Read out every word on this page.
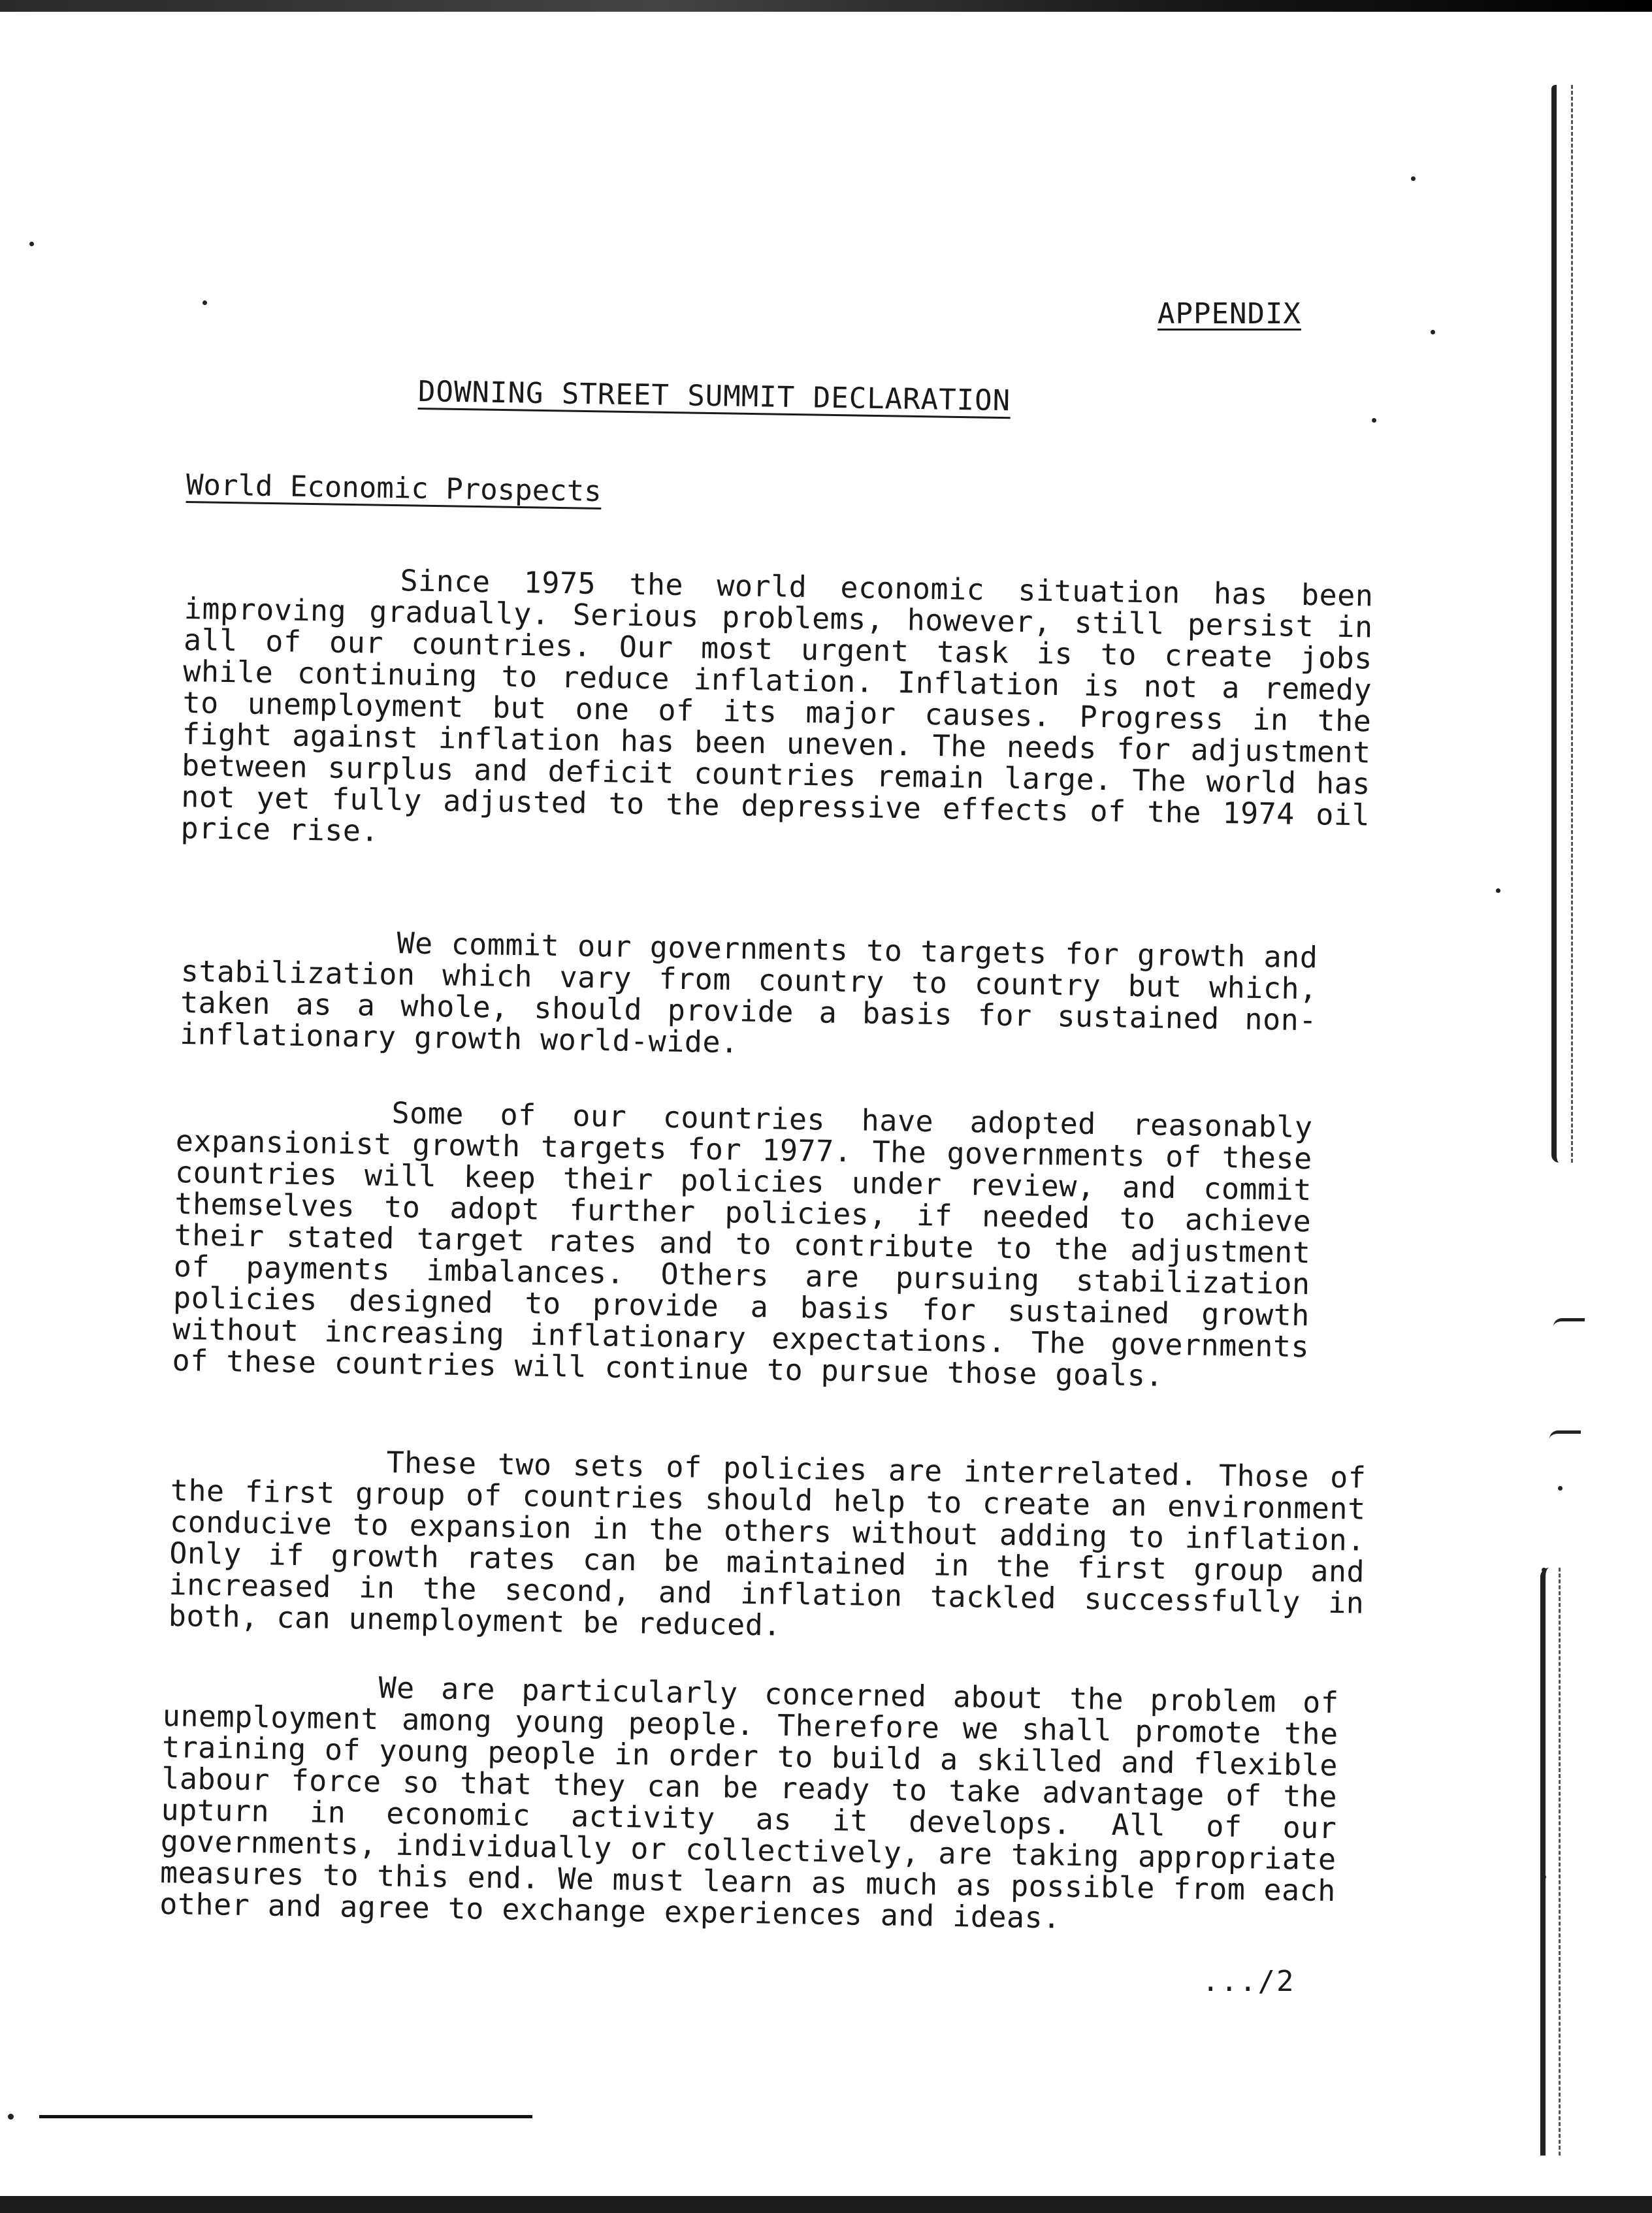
APPENDIX
DOWNING STREET SUMMIT DECLARATION
World Economic Prospects

Since 1975 the world economic situation has been improving gradually. Serious problems, however, still persist in all of our countries. Our most urgent task is to create jobs while continuing to reduce inflation. Inflation is not a remedy to unemployment but one of its major causes. Progress in the fight against inflation has been uneven. The needs for adjustment between surplus and deficit countries remain large. The world has not yet fully adjusted to the depressive effects of the 1974 oil price rise.

We commit our governments to targets for growth and stabilization which vary from country to country but which, taken as a whole, should provide a basis for sustained non-inflationary growth world-wide.

Some of our countries have adopted reasonably expansionist growth targets for 1977. The governments of these countries will keep their policies under review, and commit themselves to adopt further policies, if needed to achieve their stated target rates and to contribute to the adjustment of payments imbalances. Others are pursuing stabilization policies designed to provide a basis for sustained growth without increasing inflationary expectations. The governments of these countries will continue to pursue those goals.

These two sets of policies are interrelated. Those of the first group of countries should help to create an environment conducive to expansion in the others without adding to inflation. Only if growth rates can be maintained in the first group and increased in the second, and inflation tackled successfully in both, can unemployment be reduced.

We are particularly concerned about the problem of unemployment among young people. Therefore we shall promote the training of young people in order to build a skilled and flexible labour force so that they can be ready to take advantage of the upturn in economic activity as it develops. All of our governments, individually or collectively, are taking appropriate measures to this end. We must learn as much as possible from each other and agree to exchange experiences and ideas.

.../2
